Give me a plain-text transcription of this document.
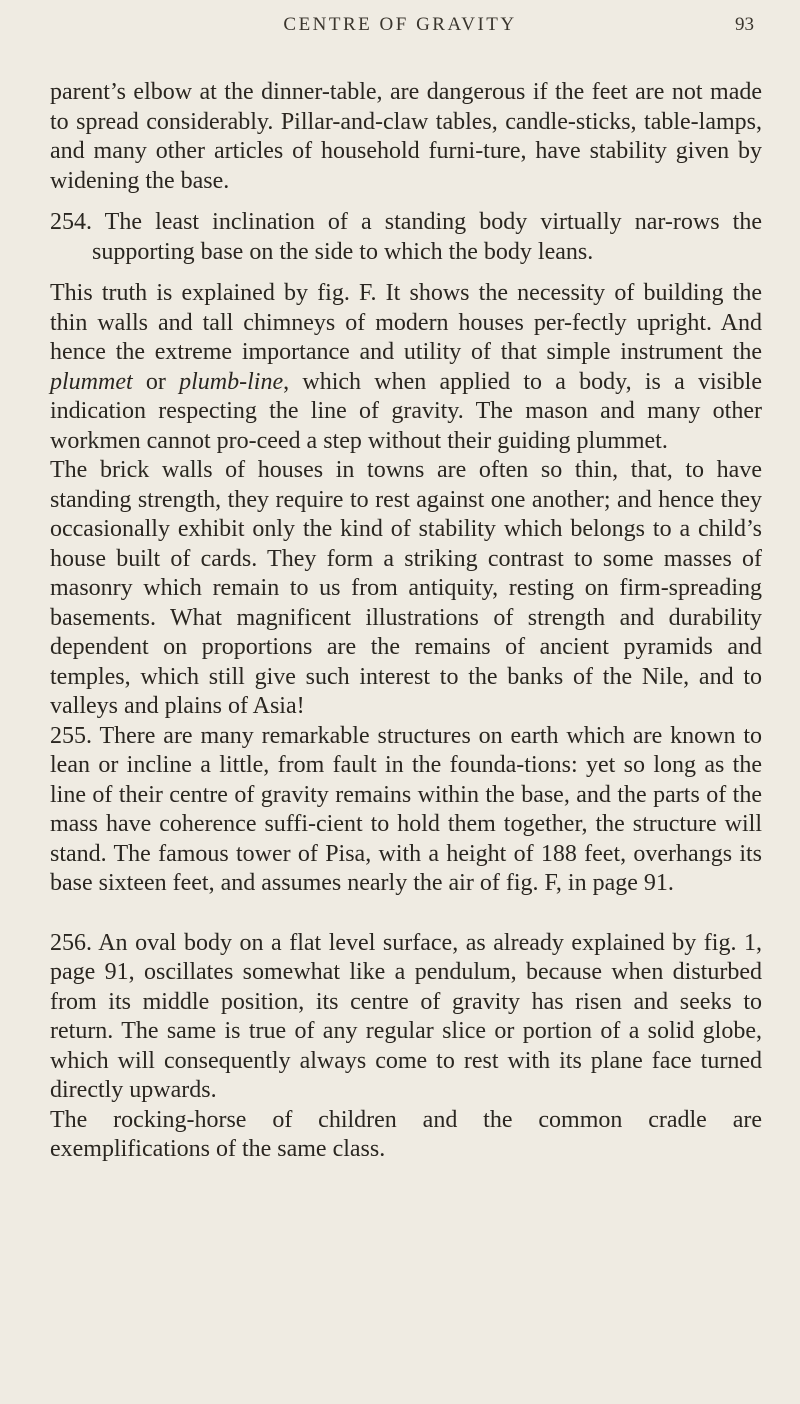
CENTRE OF GRAVITY	93

parent’s elbow at the dinner-table, are dangerous if the feet are not made to spread considerably. Pillar-and-claw tables, candle-sticks, table-lamps, and many other articles of household furni-ture, have stability given by widening the base.

254. The least inclination of a standing body virtually nar-rows the supporting base on the side to which the body leans.

This truth is explained by fig. F. It shows the necessity of building the thin walls and tall chimneys of modern houses per-fectly upright. And hence the extreme importance and utility of that simple instrument the plummet or plumb-line, which when applied to a body, is a visible indication respecting the line of gravity. The mason and many other workmen cannot pro-ceed a step without their guiding plummet.

The brick walls of houses in towns are often so thin, that, to have standing strength, they require to rest against one another; and hence they occasionally exhibit only the kind of stability which belongs to a child’s house built of cards. They form a striking contrast to some masses of masonry which remain to us from antiquity, resting on firm-spreading basements. What magnificent illustrations of strength and durability dependent on proportions are the remains of ancient pyramids and temples, which still give such interest to the banks of the Nile, and to valleys and plains of Asia!

255. There are many remarkable structures on earth which are known to lean or incline a little, from fault in the founda-tions: yet so long as the line of their centre of gravity remains within the base, and the parts of the mass have coherence suffi-cient to hold them together, the structure will stand. The famous tower of Pisa, with a height of 188 feet, overhangs its base sixteen feet, and assumes nearly the air of fig. F, in page 91.

256. An oval body on a flat level surface, as already explained by fig. 1, page 91, oscillates somewhat like a pendulum, because when disturbed from its middle position, its centre of gravity has risen and seeks to return. The same is true of any regular slice or portion of a solid globe, which will consequently always come to rest with its plane face turned directly upwards.

The rocking-horse of children and the common cradle are exemplifications of the same class.
